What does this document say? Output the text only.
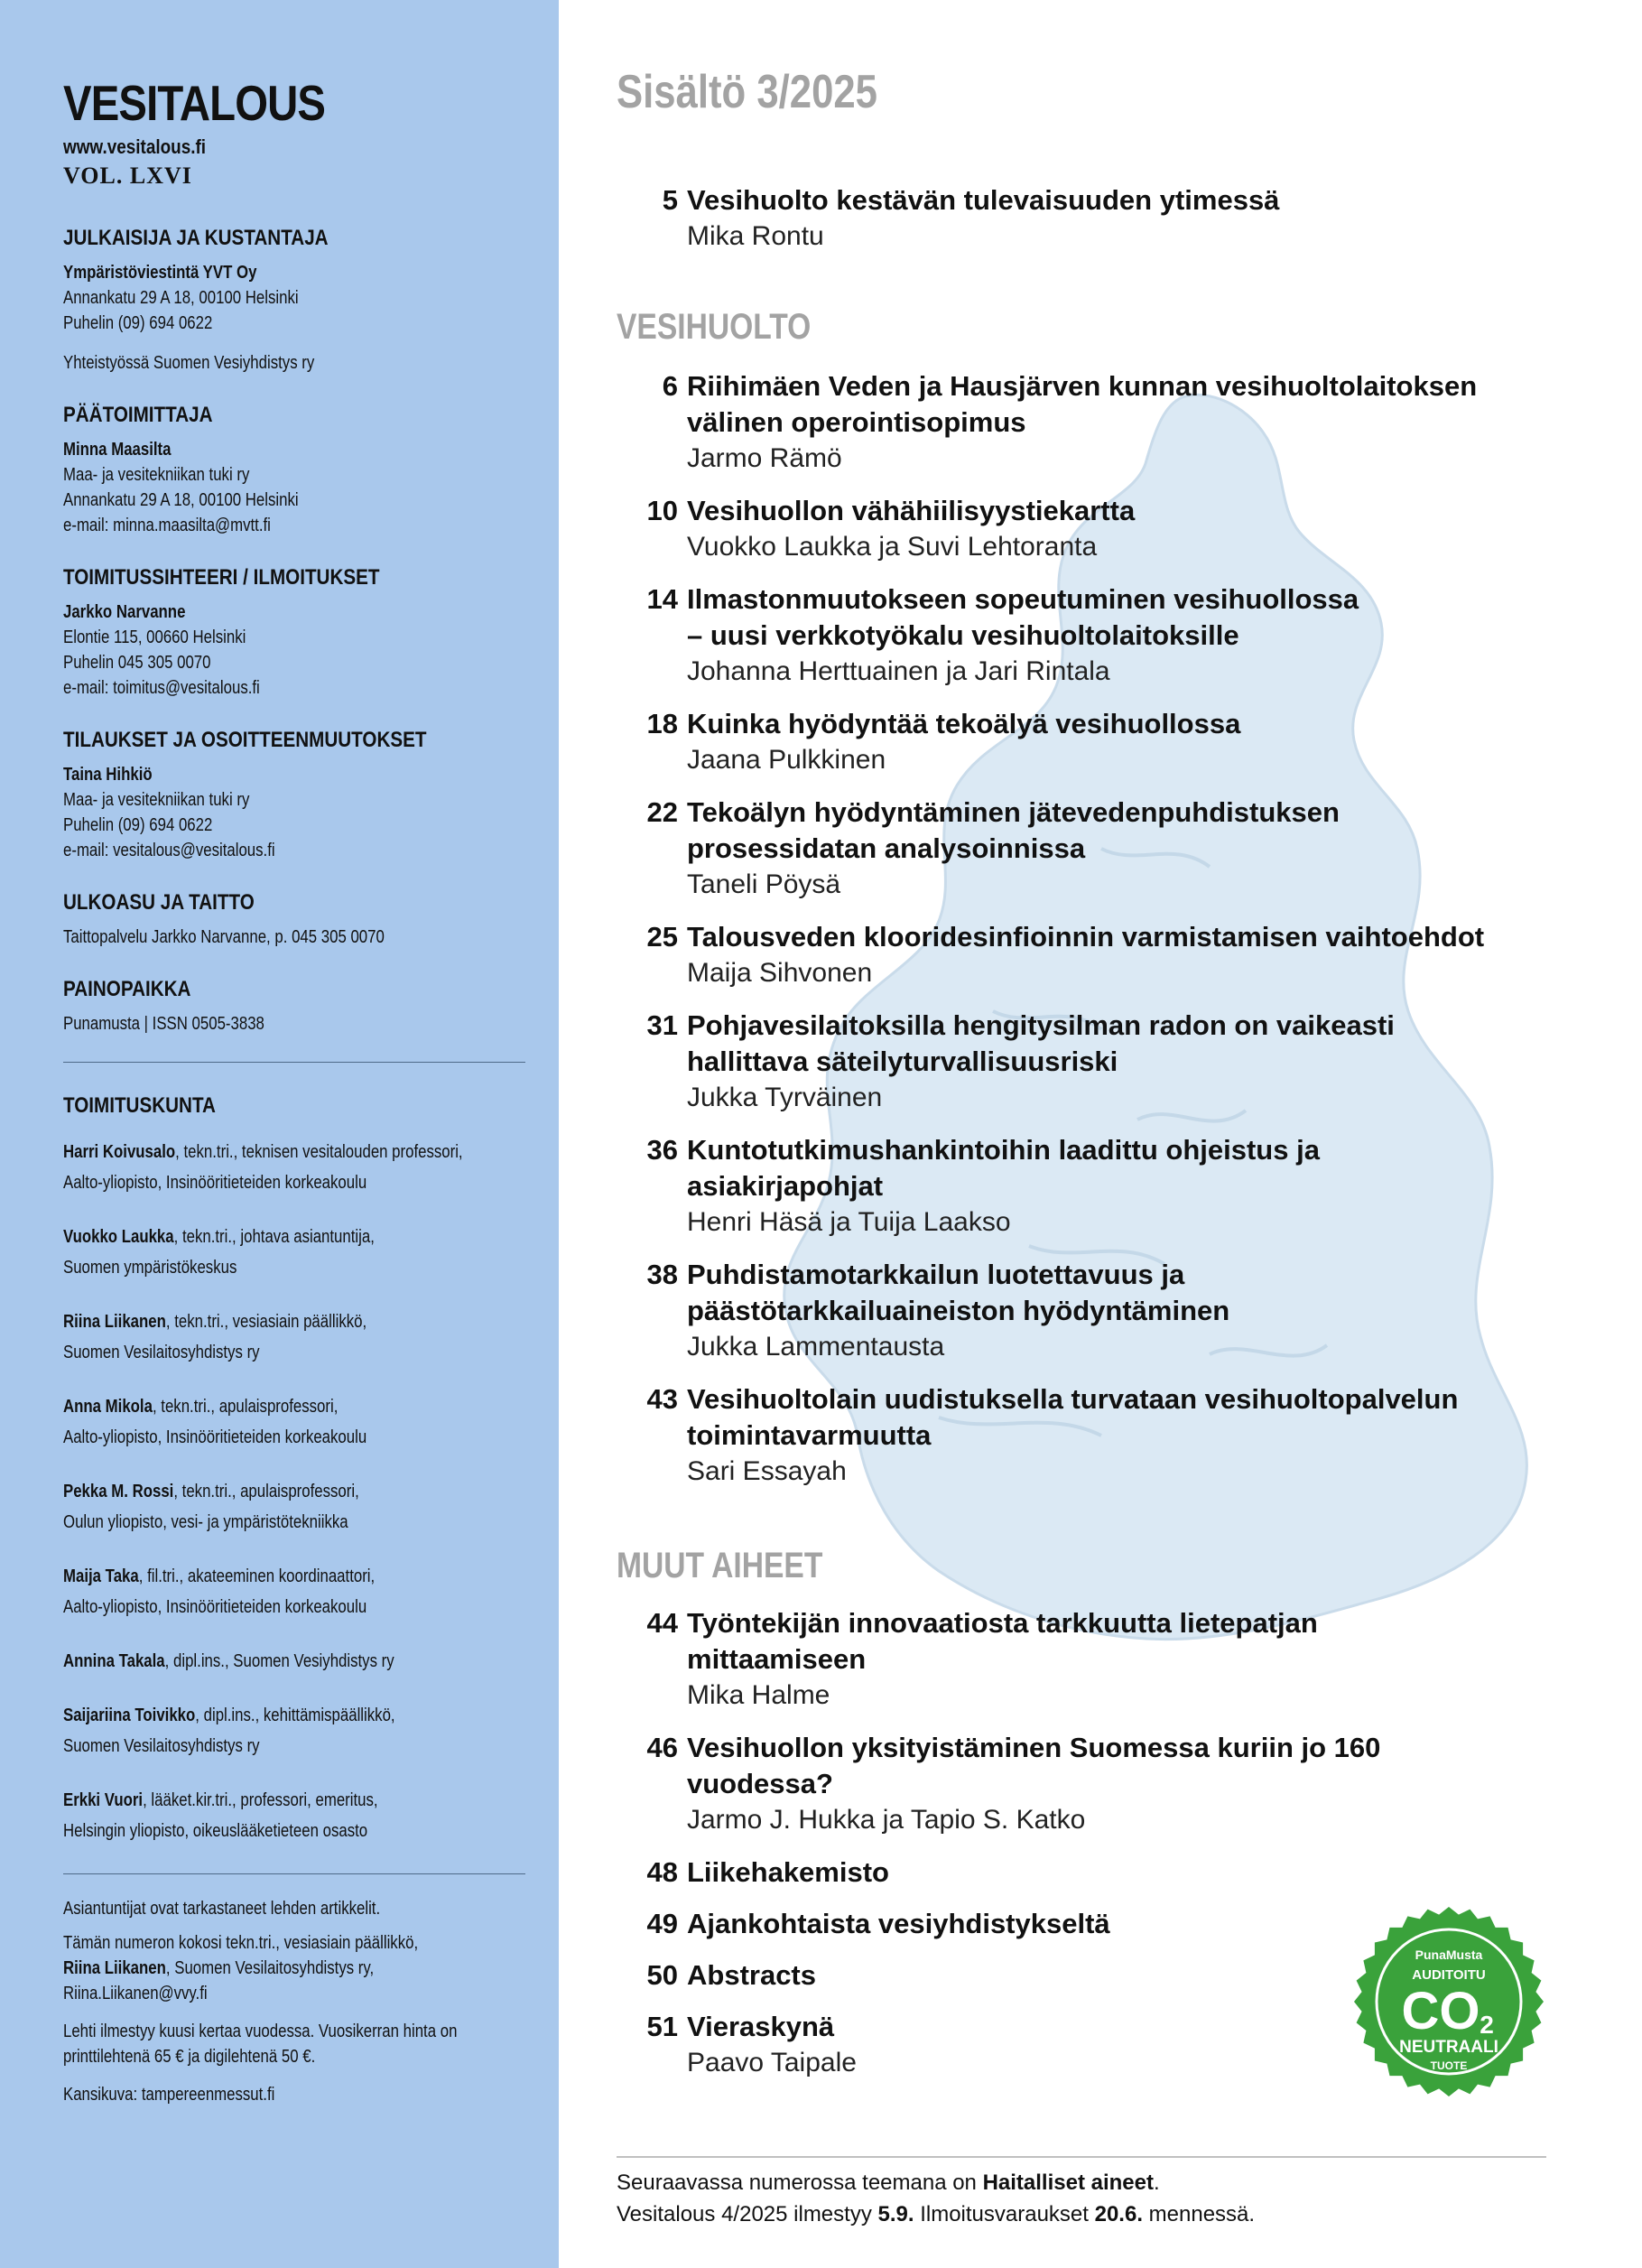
VESITALOUS
www.vesitalous.fi
VOL. LXVI
JULKAISIJA JA KUSTANTAJA
Ympäristöviestintä YVT Oy
Annankatu 29 A 18, 00100 Helsinki
Puhelin (09) 694 0622
Yhteistyössä Suomen Vesiyhdistys ry
PÄÄTOIMITTAJA
Minna Maasilta
Maa- ja vesitekniikan tuki ry
Annankatu 29 A 18, 00100 Helsinki
e-mail: minna.maasilta@mvtt.fi
TOIMITUSSIHTEERI / ILMOITUKSET
Jarkko Narvanne
Elontie 115, 00660 Helsinki
Puhelin 045 305 0070
e-mail: toimitus@vesitalous.fi
TILAUKSET JA OSOITTEENMUUTOKSET
Taina Hihkiö
Maa- ja vesitekniikan tuki ry
Puhelin (09) 694 0622
e-mail: vesitalous@vesitalous.fi
ULKOASU JA TAITTO
Taittopalvelu Jarkko Narvanne, p. 045 305 0070
PAINOPAIKKA
Punamusta | ISSN 0505-3838
TOIMITUSKUNTA
Harri Koivusalo, tekn.tri., teknisen vesitalouden professori,
Aalto-yliopisto, Insinööritieteiden korkeakoulu
Vuokko Laukka, tekn.tri., johtava asiantuntija,
Suomen ympäristökeskus
Riina Liikanen, tekn.tri., vesiasiain päällikkö,
Suomen Vesilaitosyhdistys ry
Anna Mikola, tekn.tri., apulaisprofessori,
Aalto-yliopisto, Insinööritieteiden korkeakoulu
Pekka M. Rossi, tekn.tri., apulaisprofessori,
Oulun yliopisto, vesi- ja ympäristötekniikka
Maija Taka, fil.tri., akateeminen koordinaattori,
Aalto-yliopisto, Insinööritieteiden korkeakoulu
Annina Takala, dipl.ins., Suomen Vesiyhdistys ry
Saijariina Toivikko, dipl.ins., kehittämispäällikkö,
Suomen Vesilaitosyhdistys ry
Erkki Vuori, lääket.kir.tri., professori, emeritus,
Helsingin yliopisto, oikeuslääketieteen osasto
Asiantuntijat ovat tarkastaneet lehden artikkelit.
Tämän numeron kokosi tekn.tri., vesiasiain päällikkö,
Riina Liikanen, Suomen Vesilaitosyhdistys ry,
Riina.Liikanen@vvy.fi
Lehti ilmestyy kuusi kertaa vuodessa. Vuosikerran hinta on
printtilehtenä 65 € ja digilehtenä 50 €.
Kansikuva: tampereenmessut.fi
Sisältö 3/2025
5 Vesihuolto kestävän tulevaisuuden ytimessä
Mika Rontu
VESIHUOLTO
6 Riihimäen Veden ja Hausjärven kunnan vesihuoltolaitoksen
välinen operointisopimus
Jarmo Rämö
10 Vesihuollon vähähiilisyystiekartta
Vuokko Laukka ja Suvi Lehtoranta
14 Ilmastonmuutokseen sopeutuminen vesihuollossa
– uusi verkkotyökalu vesihuoltolaitoksille
Johanna Herttuainen ja Jari Rintala
18 Kuinka hyödyntää tekoälyä vesihuollossa
Jaana Pulkkinen
22 Tekoälyn hyödyntäminen jätevedenpuhdistuksen
prosessidatan analysoinnissa
Taneli Pöysä
25 Talousveden klooridesinfioinnin varmistamisen vaihtoehdot
Maija Sihvonen
31 Pohjavesilaitoksilla hengitysilman radon on vaikeasti
hallittava säteilyturvallisuusriski
Jukka Tyrväinen
36 Kuntotutkimushankintoihin laadittu ohjeistus ja
asiakirjapohjat
Henri Häsä ja Tuija Laakso
38 Puhdistamotarkkailun luotettavuus ja
päästötarkkailuaineiston hyödyntäminen
Jukka Lammentausta
43 Vesihuoltolain uudistuksella turvataan vesihuoltopalvelun
toimintavarmuutta
Sari Essayah
MUUT AIHEET
44 Työntekijän innovaatiosta tarkkuutta lietepatjan
mittaamiseen
Mika Halme
46 Vesihuollon yksityistäminen Suomessa kuriin jo 160
vuodessa?
Jarmo J. Hukka ja Tapio S. Katko
48 Liikehakemisto
49 Ajankohtaista vesiyhdistykseltä
50 Abstracts
51 Vieraskynä
Paavo Taipale
PunaMusta
AUDITOITU
CO 2
NEUTRAALI
TUOTE
Seuraavassa numerossa teemana on Haitalliset aineet.
Vesitalous 4/2025 ilmestyy 5.9. Ilmoitusvaraukset 20.6. mennessä.
